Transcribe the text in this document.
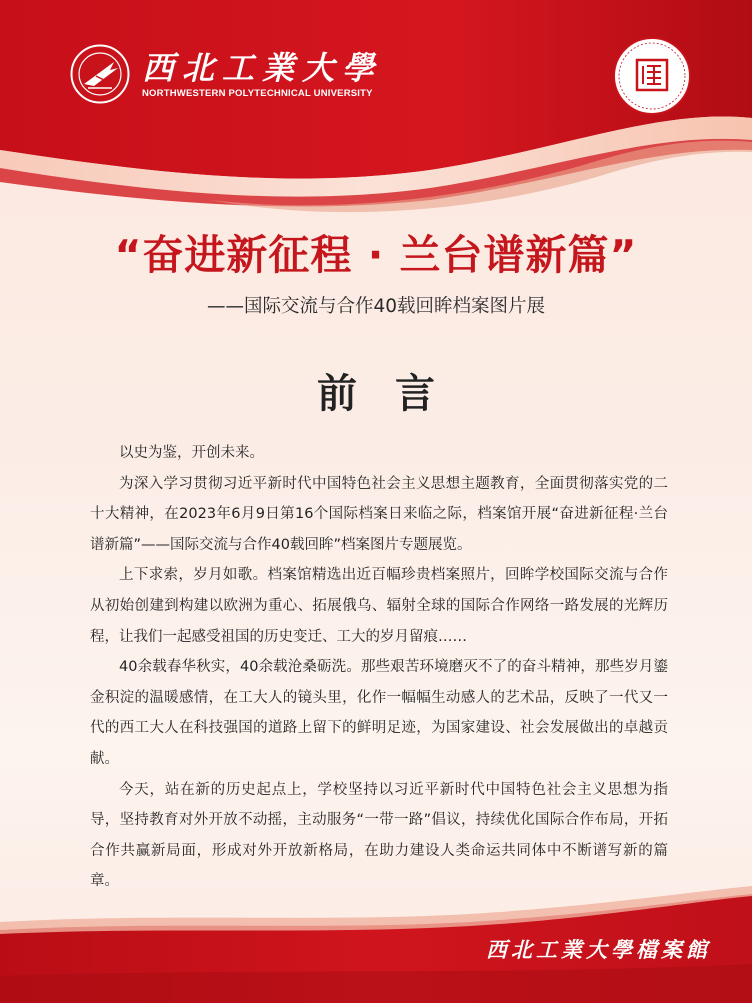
西北工業大學
NORTHWESTERN POLYTECHNICAL UNIVERSITY
“奋进新征程 · 兰台谱新篇”
——国际交流与合作40载回眸档案图片展
前言

以史为鉴，开创未来。

为深入学习贯彻习近平新时代中国特色社会主义思想主题教育，全面贯彻落实党的二十大精神，在2023年6月9日第16个国际档案日来临之际，档案馆开展“奋进新征程·兰台谱新篇”——国际交流与合作40载回眸”档案图片专题展览。

上下求索，岁月如歌。档案馆精选出近百幅珍贵档案照片，回眸学校国际交流与合作从初始创建到构建以欧洲为重心、拓展俄乌、辐射全球的国际合作网络一路发展的光辉历程，让我们一起感受祖国的历史变迁、工大的岁月留痕……

40余载春华秋实，40余载沧桑砺洗。那些艰苦环境磨灭不了的奋斗精神，那些岁月鎏金积淀的温暖感情，在工大人的镜头里，化作一幅幅生动感人的艺术品，反映了一代又一代的西工大人在科技强国的道路上留下的鲜明足迹，为国家建设、社会发展做出的卓越贡献。

今天，站在新的历史起点上，学校坚持以习近平新时代中国特色社会主义思想为指导，坚持教育对外开放不动摇，主动服务“一带一路”倡议，持续优化国际合作布局，开拓合作共赢新局面，形成对外开放新格局，在助力建设人类命运共同体中不断谱写新的篇章。

西北工業大學檔案館
